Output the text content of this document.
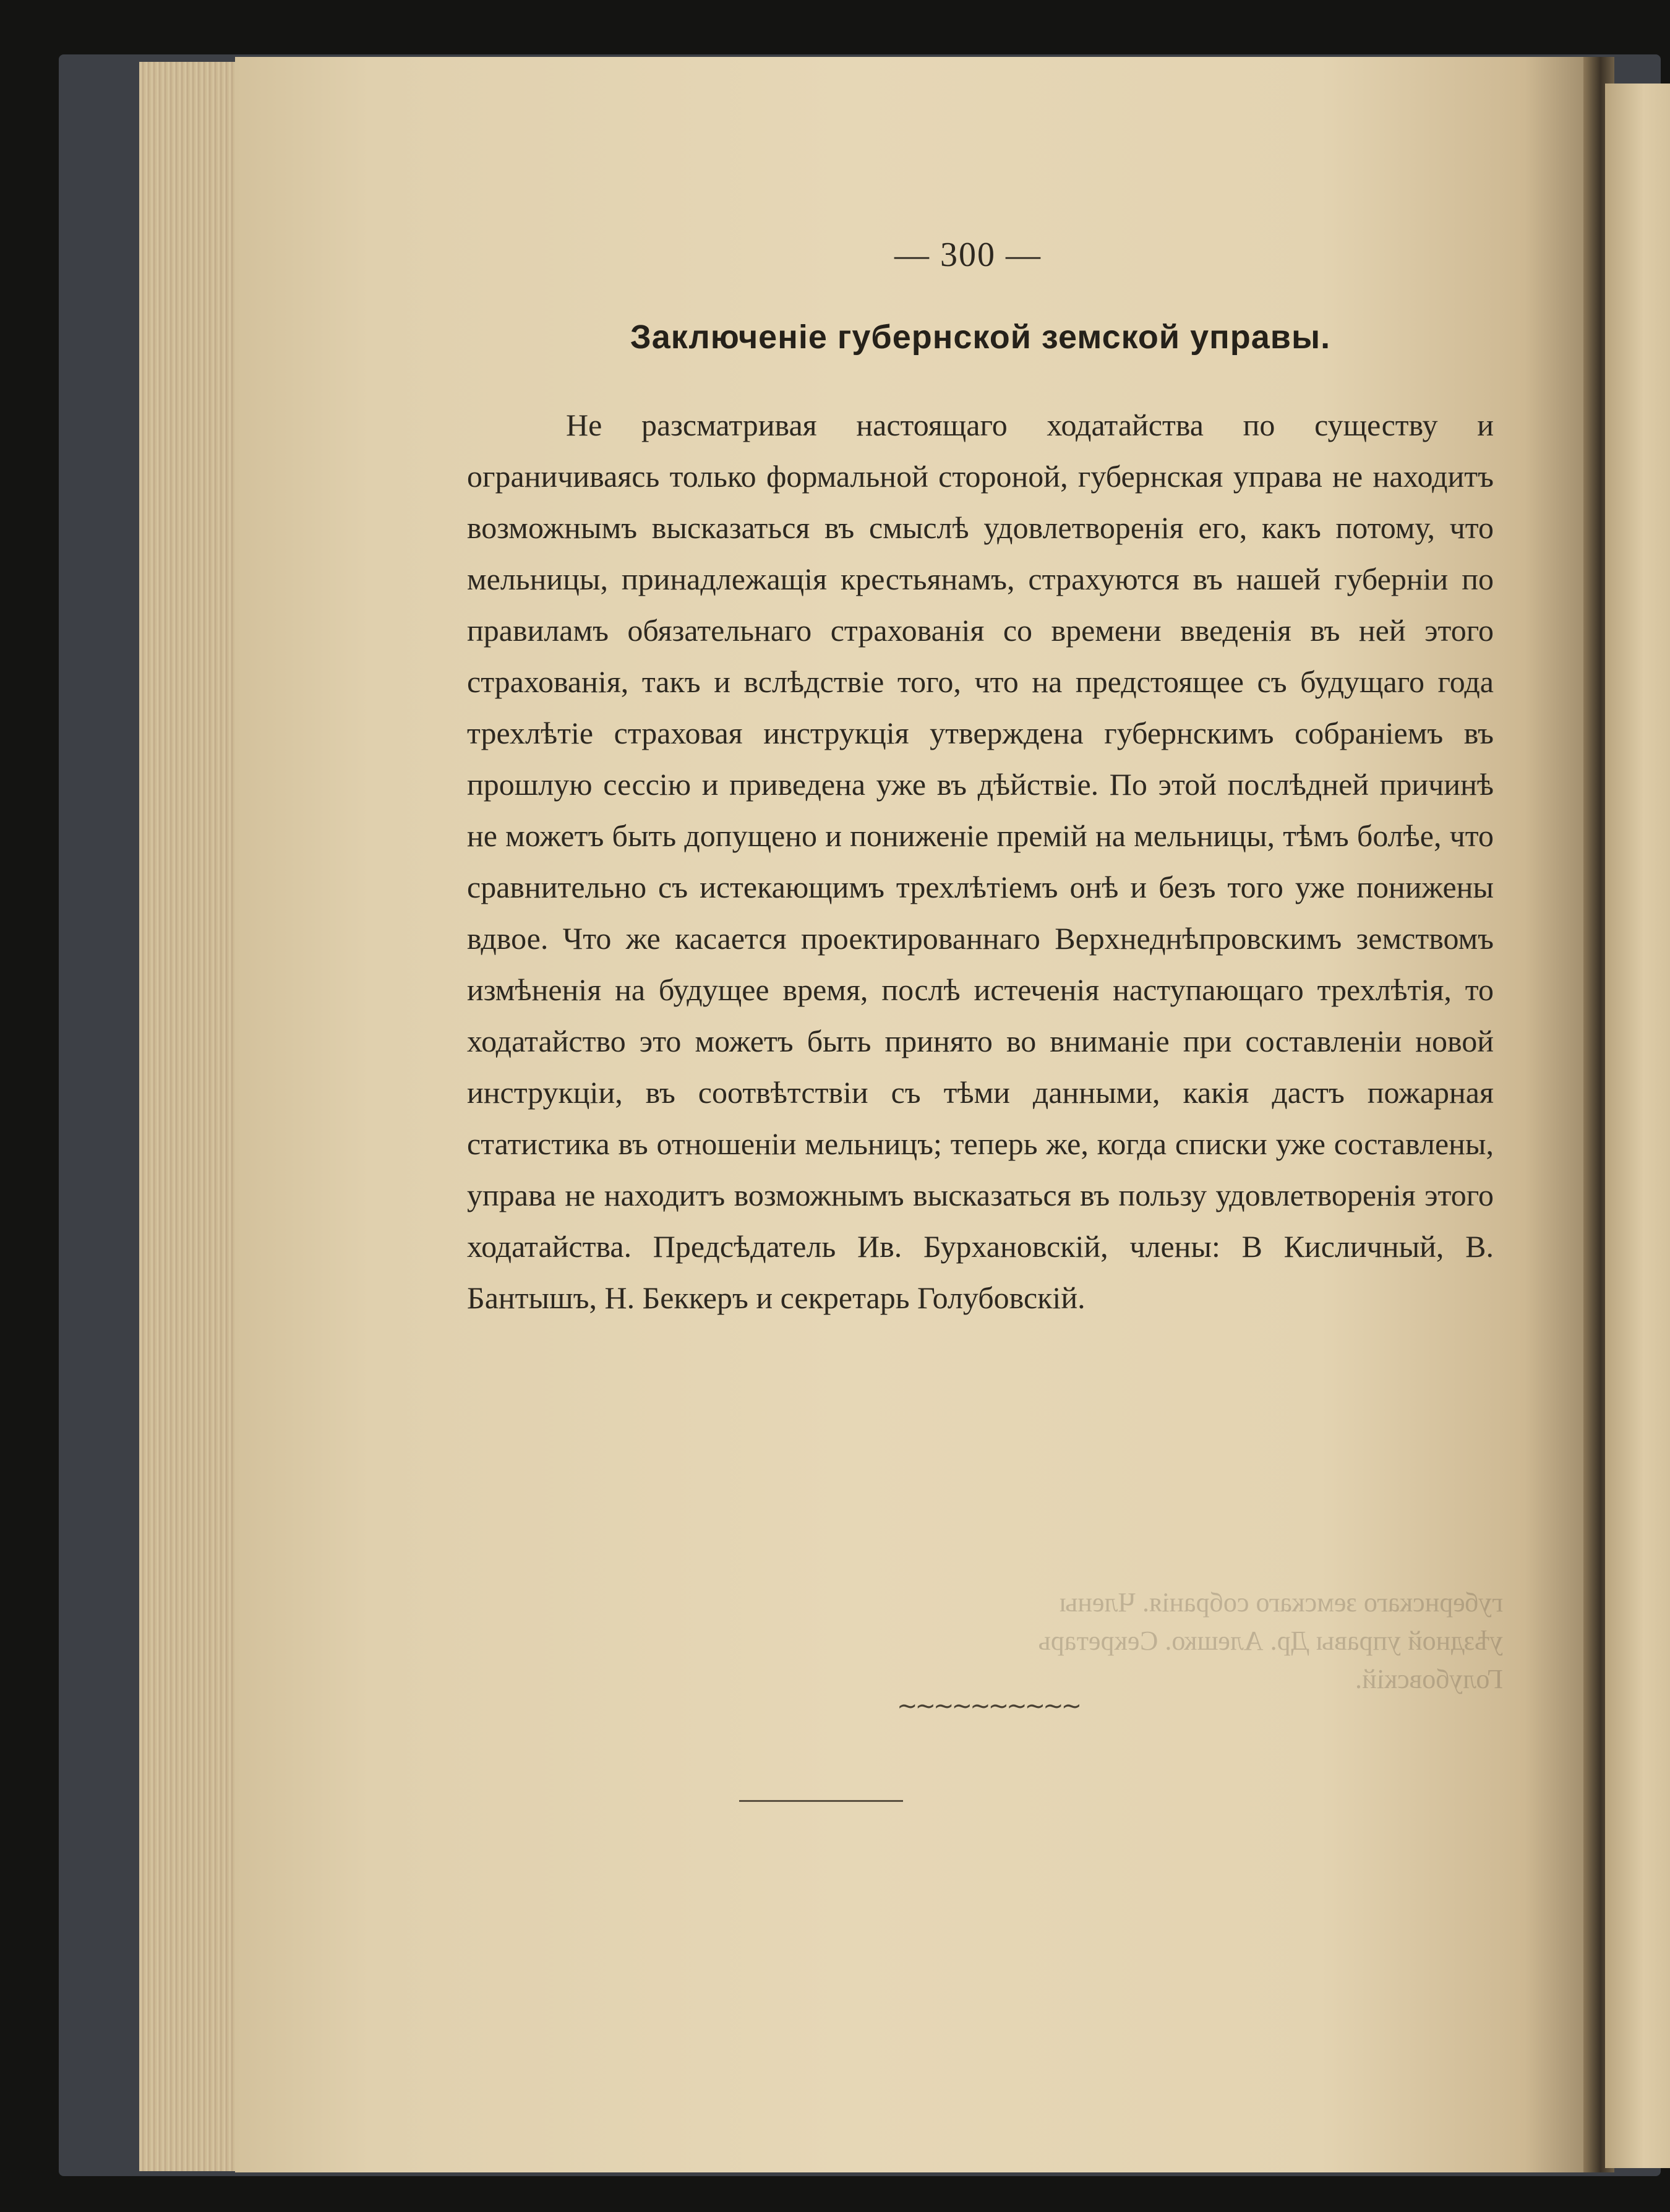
— 300 —
Заключеніе губернской земской управы.

Не разсматривая настоящаго ходатайства по существу и ограничиваясь только формальной стороной, губернская управа не находитъ возможнымъ высказаться въ смыслѣ удовлетворенія его, какъ потому, что мельницы, принадлежащія крестьянамъ, страхуются въ нашей губерніи по правиламъ обязательнаго страхованія со времени введенія въ ней этого страхованія, такъ и вслѣдствіе того, что на предстоящее съ будущаго года трехлѣтіе страховая инструкція утверждена губернскимъ собраніемъ въ прошлую сессію и приведена уже въ дѣйствіе. По этой послѣдней причинѣ не можетъ быть допущено и пониженіе премій на мельницы, тѣмъ болѣе, что сравнительно съ истекающимъ трехлѣтіемъ онѣ и безъ того уже понижены вдвое. Что же касается проектированнаго Верхнеднѣпровскимъ земствомъ измѣненія на будущее время, послѣ истеченія наступающаго трехлѣтія, то ходатайство это можетъ быть принято во вниманіе при составленіи новой инструкціи, въ соотвѣтствіи съ тѣми данными, какія дастъ пожарная статистика въ отношеніи мельницъ; теперь же, когда списки уже составлены, управа не находитъ возможнымъ высказаться въ пользу удовлетворенія этого ходатайства. Предсѣдатель Ив. Бурхановскій, члены: В Кисличный, В. Бантышъ, Н. Беккеръ и секретарь Голубовскій.

губернскаго земскаго собранія. Члены
уѣздной управы Др. Алешко. Секретарь
Голубовскій.
~~~~~~~~~~
